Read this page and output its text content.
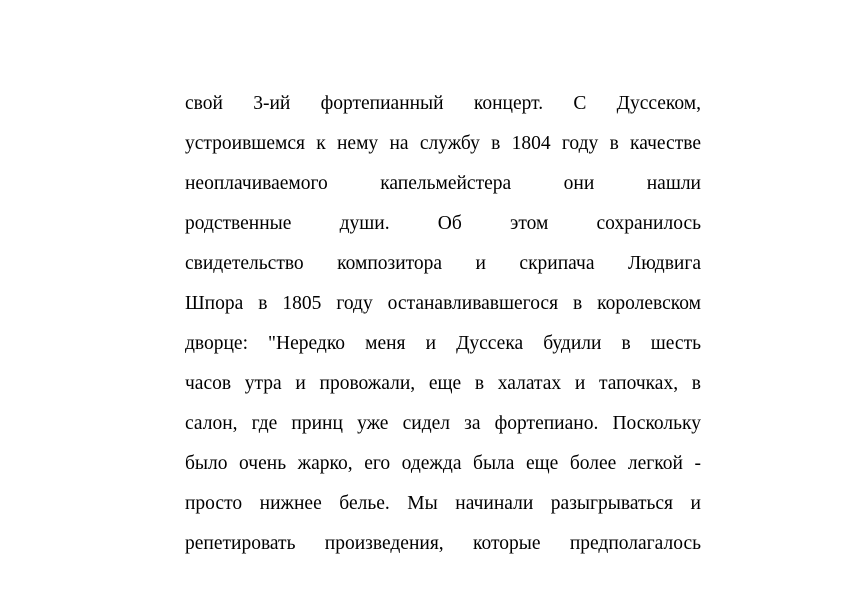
свой 3-ий фортепианный концерт. С Дуссеком,
устроившемся к нему на службу в 1804 году в качестве
неоплачиваемого капельмейстера они нашли
родственные души. Об этом сохранилось
свидетельство композитора и скрипача Людвига
Шпора в 1805 году останавливавшегося в королевском
дворце: "Нередко меня и Дуссека будили в шесть
часов утра и провожали, еще в халатах и тапочках, в
салон, где принц уже сидел за фортепиано. Поскольку
было очень жарко, его одежда была еще более легкой -
просто нижнее белье. Мы начинали разыгрываться и
репетировать произведения, которые предполагалось
